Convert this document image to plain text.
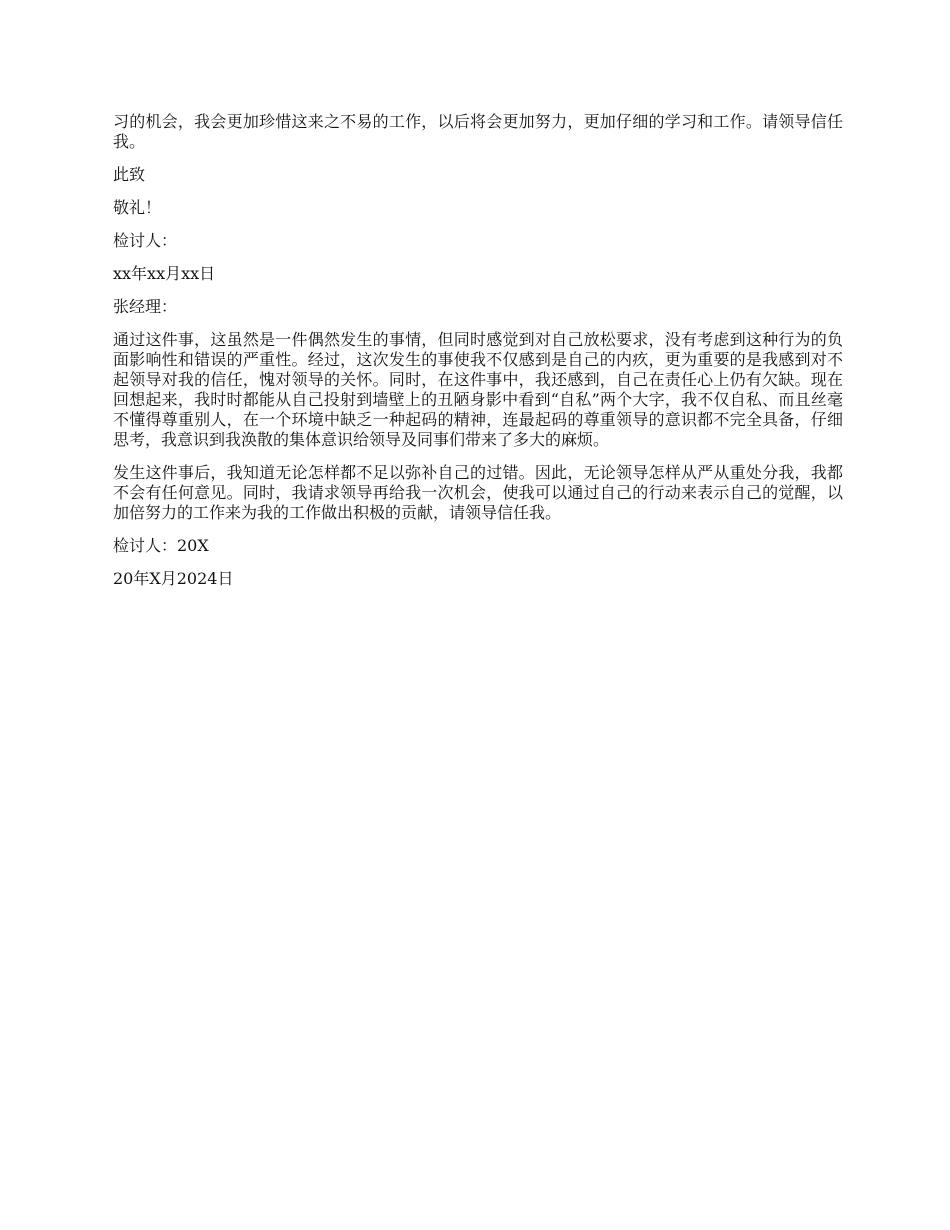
习的机会，我会更加珍惜这来之不易的工作，以后将会更加努力，更加仔细的学习和工作。请领导信任我。

此致

敬礼！

检讨人：

xx年xx月xx日

张经理：

通过这件事，这虽然是一件偶然发生的事情，但同时感觉到对自己放松要求，没有考虑到这种行为的负面影响性和错误的严重性。经过，这次发生的事使我不仅感到是自己的内疚，更为重要的是我感到对不起领导对我的信任，愧对领导的关怀。同时，在这件事中，我还感到，自己在责任心上仍有欠缺。现在回想起来，我时时都能从自己投射到墙壁上的丑陋身影中看到“自私”两个大字，我不仅自私、而且丝毫不懂得尊重别人，在一个环境中缺乏一种起码的精神，连最起码的尊重领导的意识都不完全具备，仔细思考，我意识到我涣散的集体意识给领导及同事们带来了多大的麻烦。

发生这件事后，我知道无论怎样都不足以弥补自己的过错。因此，无论领导怎样从严从重处分我，我都不会有任何意见。同时，我请求领导再给我一次机会，使我可以通过自己的行动来表示自己的觉醒，以加倍努力的工作来为我的工作做出积极的贡献，请领导信任我。

检讨人：20X

20年X月2024日
